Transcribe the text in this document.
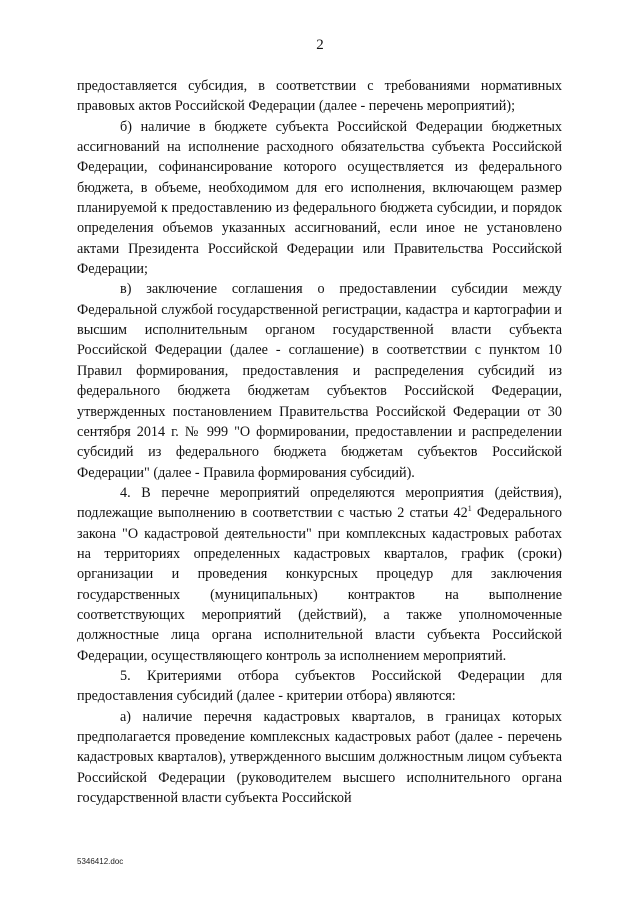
2

предоставляется субсидия, в соответствии с требованиями нормативных правовых актов Российской Федерации (далее - перечень мероприятий);

б) наличие в бюджете субъекта Российской Федерации бюджетных ассигнований на исполнение расходного обязательства субъекта Российской Федерации, софинансирование которого осуществляется из федерального бюджета, в объеме, необходимом для его исполнения, включающем размер планируемой к предоставлению из федерального бюджета субсидии, и порядок определения объемов указанных ассигнований, если иное не установлено актами Президента Российской Федерации или Правительства Российской Федерации;

в) заключение соглашения о предоставлении субсидии между Федеральной службой государственной регистрации, кадастра и картографии и высшим исполнительным органом государственной власти субъекта Российской Федерации (далее - соглашение) в соответствии с пунктом 10 Правил формирования, предоставления и распределения субсидий из федерального бюджета бюджетам субъектов Российской Федерации, утвержденных постановлением Правительства Российской Федерации от 30 сентября 2014 г. № 999 "О формировании, предоставлении и распределении субсидий из федерального бюджета бюджетам субъектов Российской Федерации" (далее - Правила формирования субсидий).

4. В перечне мероприятий определяются мероприятия (действия), подлежащие выполнению в соответствии с частью 2 статьи $42^1$ Федерального закона "О кадастровой деятельности" при комплексных кадастровых работах на территориях определенных кадастровых кварталов, график (сроки) организации и проведения конкурсных процедур для заключения государственных (муниципальных) контрактов на выполнение соответствующих мероприятий (действий), а также уполномоченные должностные лица органа исполнительной власти субъекта Российской Федерации, осуществляющего контроль за исполнением мероприятий.

5. Критериями отбора субъектов Российской Федерации для предоставления субсидий (далее - критерии отбора) являются:

а) наличие перечня кадастровых кварталов, в границах которых предполагается проведение комплексных кадастровых работ (далее - перечень кадастровых кварталов), утвержденного высшим должностным лицом субъекта Российской Федерации (руководителем высшего исполнительного органа государственной власти субъекта Российской

5346412.doc
